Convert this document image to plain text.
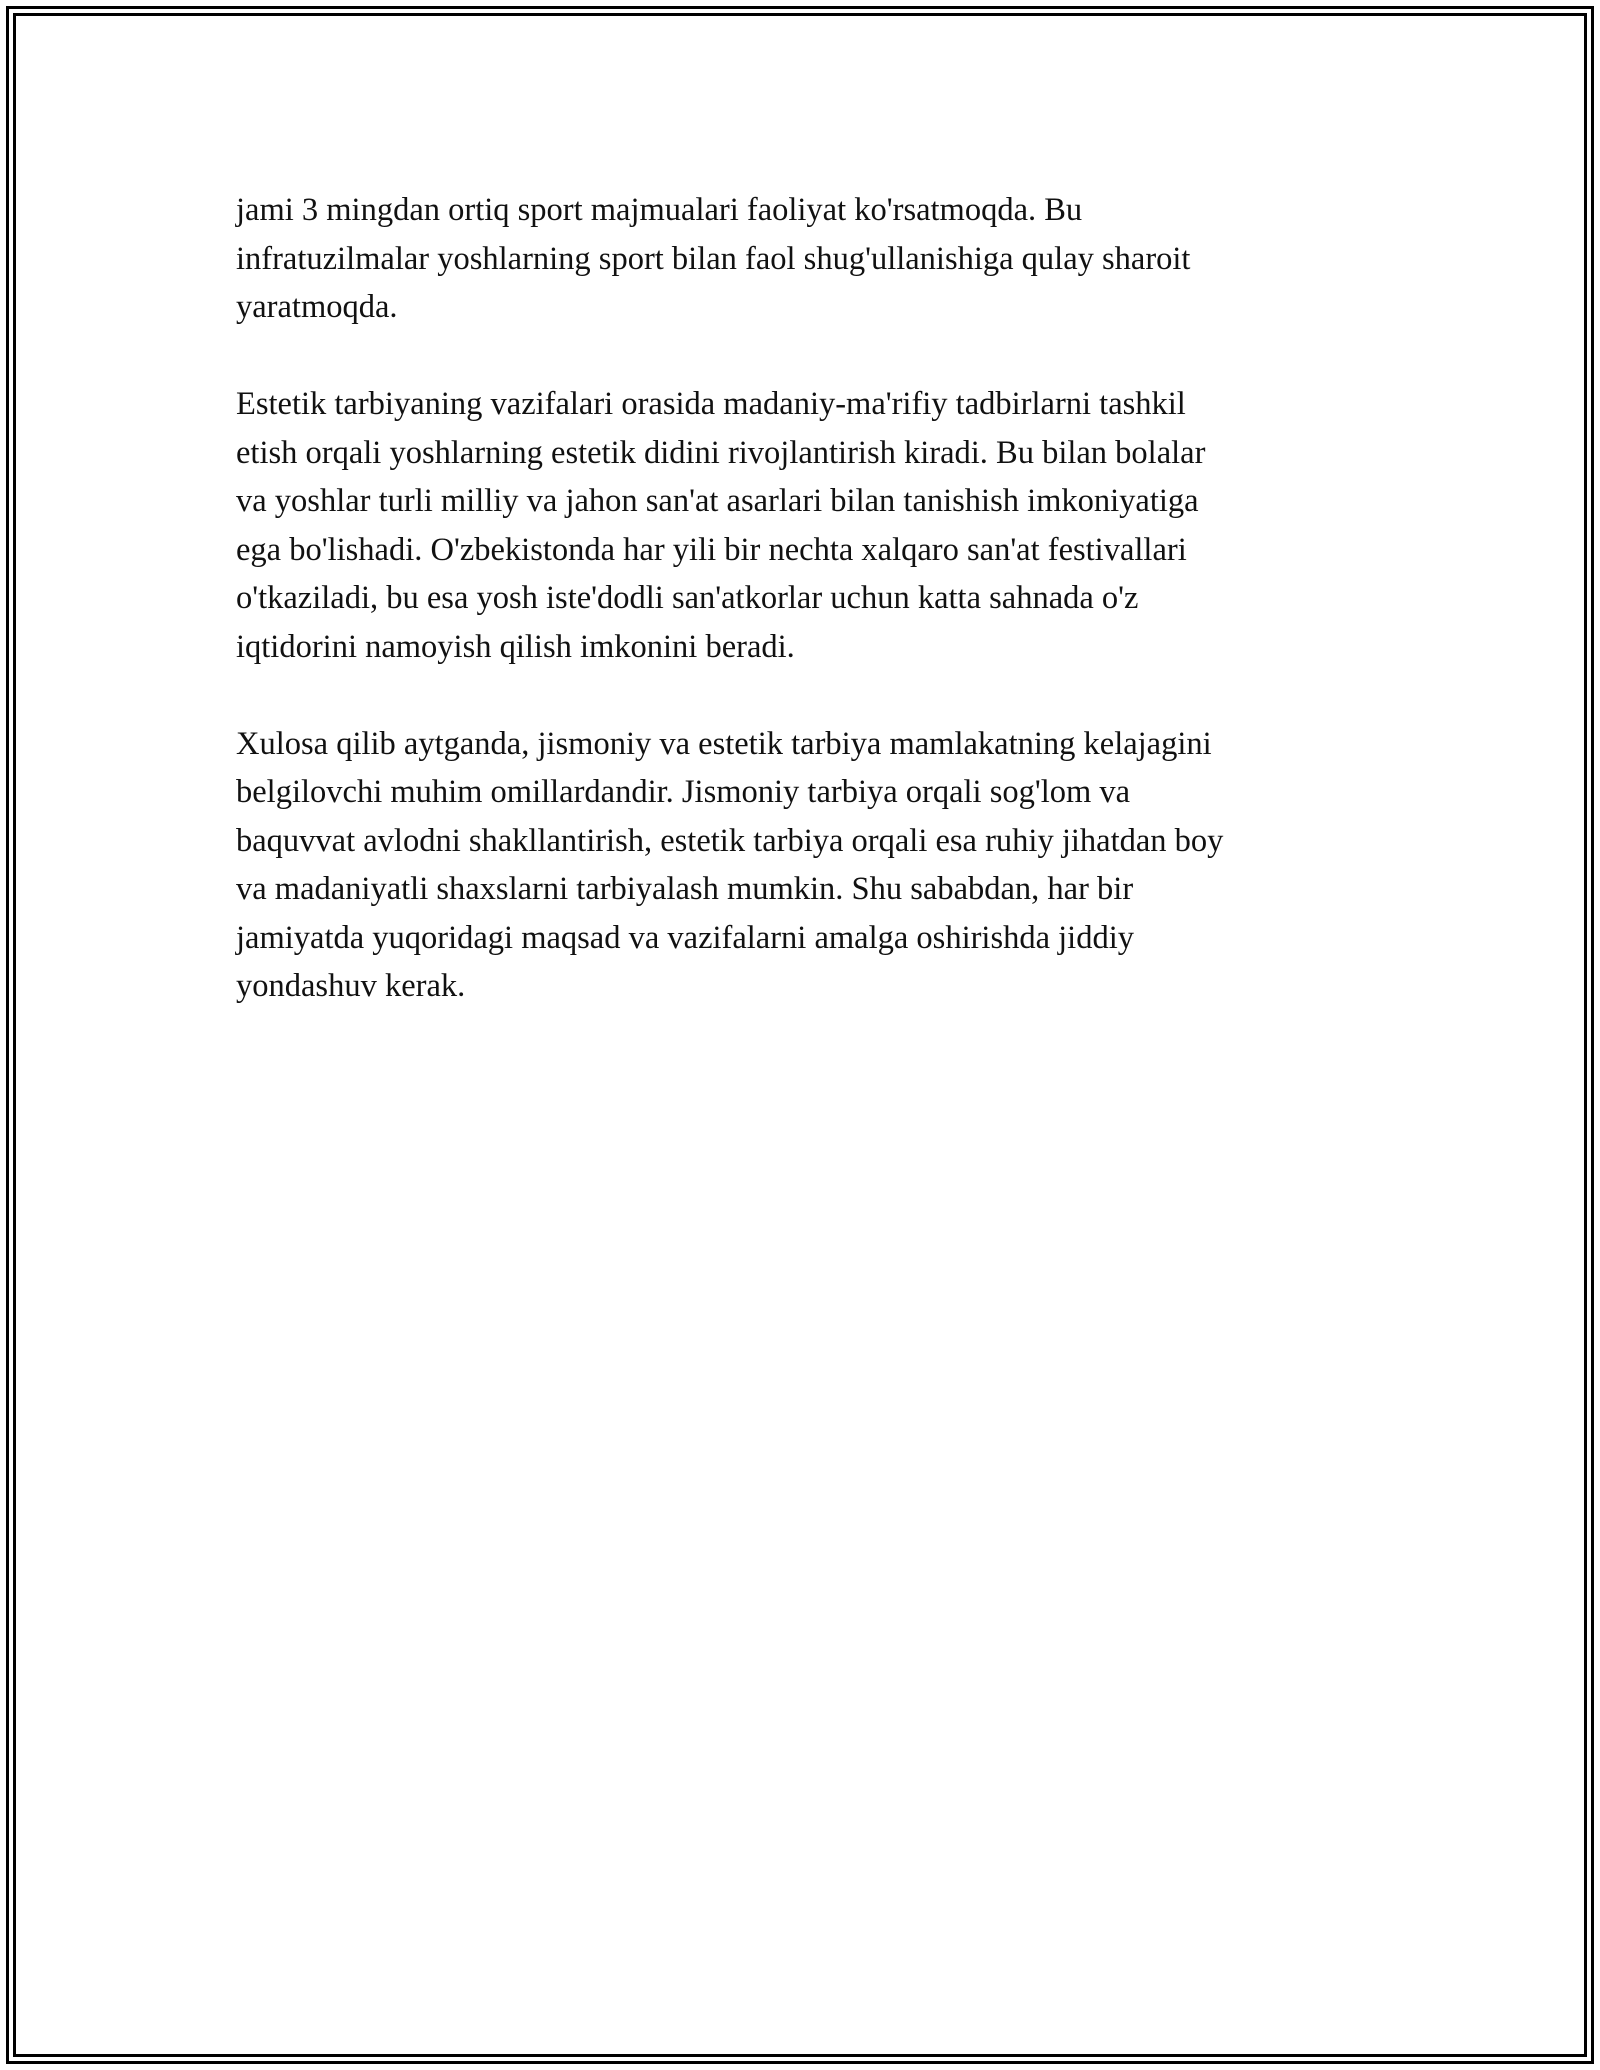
jami 3 mingdan ortiq sport majmualari faoliyat ko'rsatmoqda. Bu
infratuzilmalar yoshlarning sport bilan faol shug'ullanishiga qulay sharoit
yaratmoqda.

Estetik tarbiyaning vazifalari orasida madaniy-ma'rifiy tadbirlarni tashkil
etish orqali yoshlarning estetik didini rivojlantirish kiradi. Bu bilan bolalar
va yoshlar turli milliy va jahon san'at asarlari bilan tanishish imkoniyatiga
ega bo'lishadi. O'zbekistonda har yili bir nechta xalqaro san'at festivallari
o'tkaziladi, bu esa yosh iste'dodli san'atkorlar uchun katta sahnada o'z
iqtidorini namoyish qilish imkonini beradi.

Xulosa qilib aytganda, jismoniy va estetik tarbiya mamlakatning kelajagini
belgilovchi muhim omillardandir. Jismoniy tarbiya orqali sog'lom va
baquvvat avlodni shakllantirish, estetik tarbiya orqali esa ruhiy jihatdan boy
va madaniyatli shaxslarni tarbiyalash mumkin. Shu sababdan, har bir
jamiyatda yuqoridagi maqsad va vazifalarni amalga oshirishda jiddiy
yondashuv kerak.
